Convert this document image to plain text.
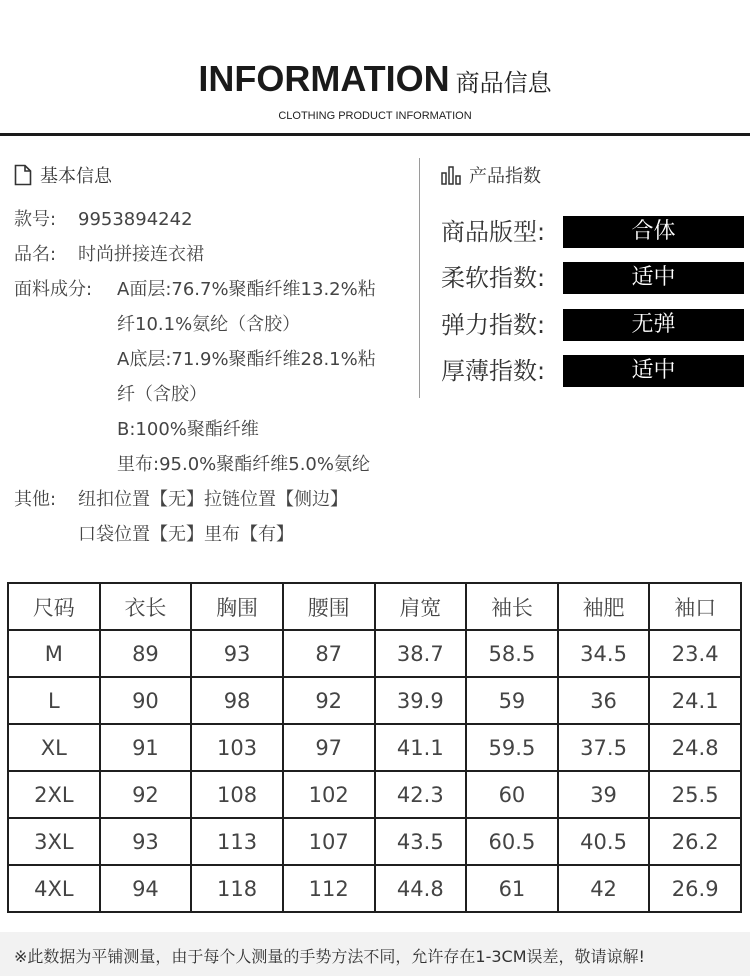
INFORMATION 商品信息
CLOTHING PRODUCT INFORMATION
基本信息
款号: 9953894242
品名: 时尚拼接连衣裙
面料成分: A面层:76.7%聚酯纤维13.2%粘
纤10.1%氨纶（含胶）
A底层:71.9%聚酯纤维28.1%粘
纤（含胶）
B:100%聚酯纤维
里布:95.0%聚酯纤维5.0%氨纶
其他: 纽扣位置【无】拉链位置【侧边】
口袋位置【无】里布【有】
产品指数
商品版型:	合体
柔软指数:	适中
弹力指数:	无弹
厚薄指数:	适中
尺码	衣长	胸围	腰围	肩宽	袖长	袖肥	袖口
M	89	93	87	38.7	58.5	34.5	23.4
L	90	98	92	39.9	59	36	24.1
XL	91	103	97	41.1	59.5	37.5	24.8
2XL	92	108	102	42.3	60	39	25.5
3XL	93	113	107	43.5	60.5	40.5	26.2
4XL	94	118	112	44.8	61	42	26.9
※此数据为平铺测量，由于每个人测量的手势方法不同，允许存在1-3CM误差，敬请谅解!
